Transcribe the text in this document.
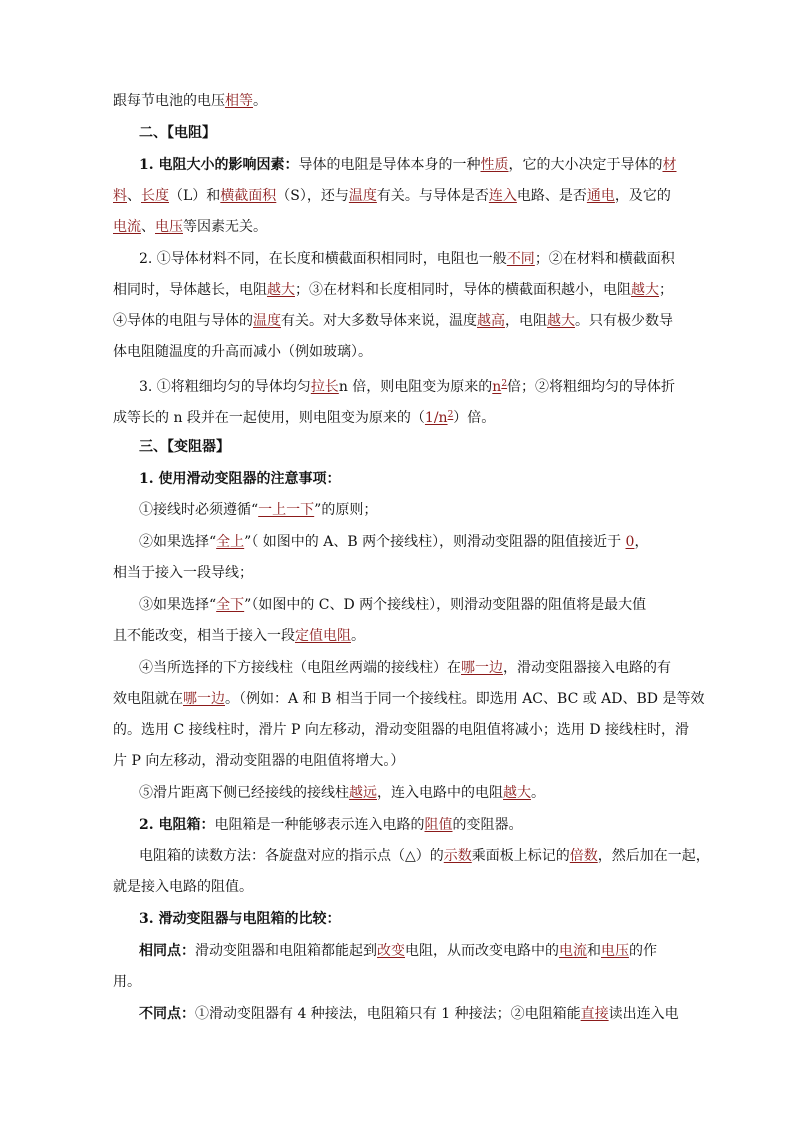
跟每节电池的电压相等。
二、【电阻】
1. 电阻大小的影响因素：导体的电阻是导体本身的一种性质，它的大小决定于导体的材
料、长度（L）和横截面积（S），还与温度有关。与导体是否连入电路、是否通电，及它的
电流、电压等因素无关。
2. ①导体材料不同，在长度和横截面积相同时，电阻也一般不同；②在材料和横截面积
相同时，导体越长，电阻越大；③在材料和长度相同时，导体的横截面积越小，电阻越大；
④导体的电阻与导体的温度有关。对大多数导体来说，温度越高，电阻越大。只有极少数导
体电阻随温度的升高而减小（例如玻璃）。
3. ①将粗细均匀的导体均匀拉长n 倍，则电阻变为原来的$n^2$倍；②将粗细均匀的导体折
成等长的 n 段并在一起使用，则电阻变为原来的$(1/n^2)$倍。
三、【变阻器】
1. 使用滑动变阻器的注意事项：
①接线时必须遵循“一上一下”的原则；
②如果选择“全上”（ 如图中的 A、B 两个接线柱），则滑动变阻器的阻值接近于 0，
相当于接入一段导线；
③如果选择“全下”（如图中的 C、D 两个接线柱），则滑动变阻器的阻值将是最大值
且不能改变，相当于接入一段定值电阻。
④当所选择的下方接线柱（电阻丝两端的接线柱）在哪一边，滑动变阻器接入电路的有
效电阻就在哪一边。（例如：A 和 B 相当于同一个接线柱。即选用 AC、BC 或 AD、BD 是等效
的。选用 C 接线柱时，滑片 P 向左移动，滑动变阻器的电阻值将减小；选用 D 接线柱时，滑
片 P 向左移动，滑动变阻器的电阻值将增大。）
⑤滑片距离下侧已经接线的接线柱越远，连入电路中的电阻越大。
2. 电阻箱：电阻箱是一种能够表示连入电路的阻值的变阻器。
电阻箱的读数方法：各旋盘对应的指示点（△）的示数乘面板上标记的倍数，然后加在一起，
就是接入电路的阻值。
3. 滑动变阻器与电阻箱的比较：
相同点：滑动变阻器和电阻箱都能起到改变电阻，从而改变电路中的电流和电压的作
用。
不同点：①滑动变阻器有 4 种接法，电阻箱只有 1 种接法；②电阻箱能直接读出连入电
